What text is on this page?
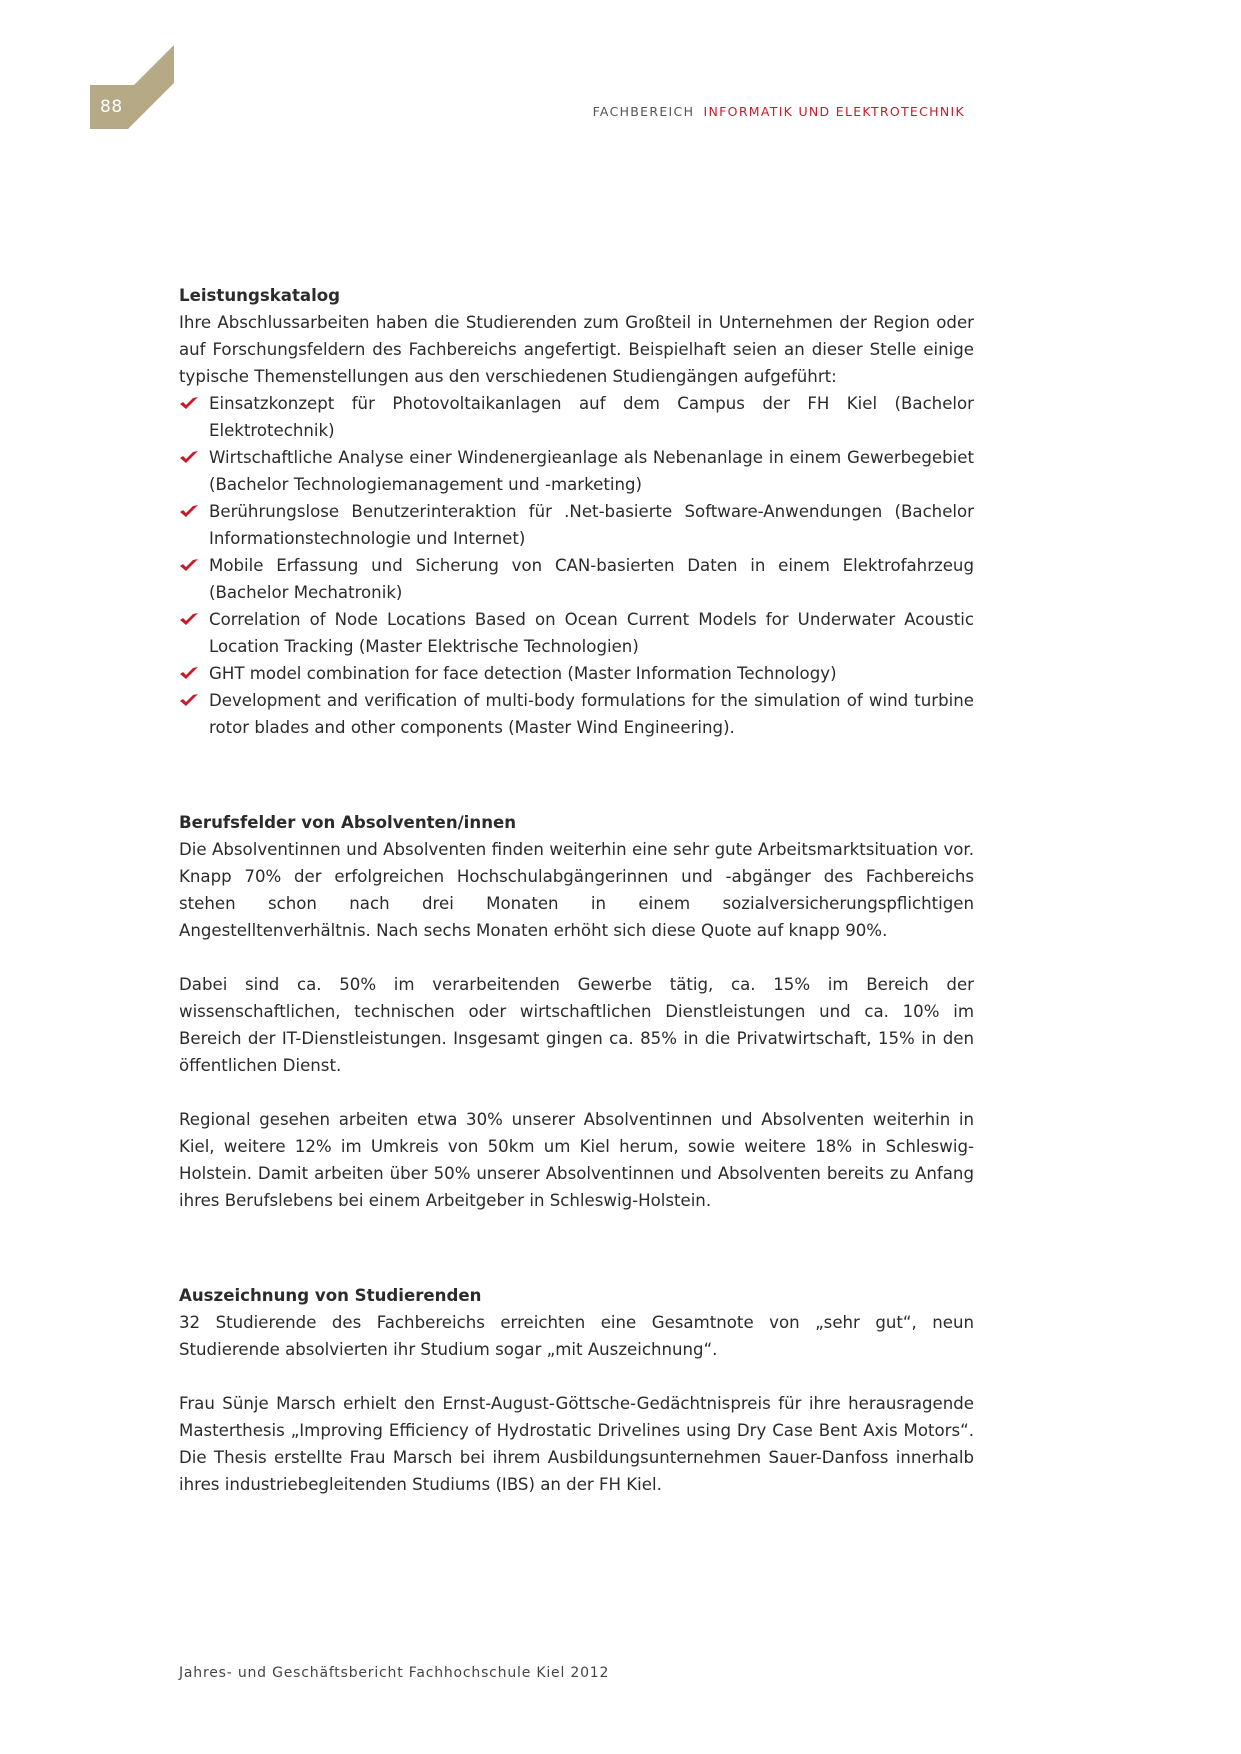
88	FACHBEREICH INFORMATIK UND ELEKTROTECHNIK
Leistungskatalog

Ihre Abschlussarbeiten haben die Studierenden zum Großteil in Unternehmen der Region oder auf Forschungsfeldern des Fachbereichs angefertigt. Beispielhaft seien an dieser Stelle einige typische Themenstellungen aus den verschiedenen Studiengängen aufgeführt:

Einsatzkonzept für Photovoltaikanlagen auf dem Campus der FH Kiel (Bachelor Elektrotechnik)
Wirtschaftliche Analyse einer Windenergieanlage als Nebenanlage in einem Gewerbegebiet (Bachelor Technologiemanagement und -marketing)
Berührungslose Benutzerinteraktion für .Net-basierte Software-Anwendungen (Bachelor Informationstechnologie und Internet)
Mobile Erfassung und Sicherung von CAN-basierten Daten in einem Elektrofahrzeug (Bachelor Mechatronik)
Correlation of Node Locations Based on Ocean Current Models for Underwater Acoustic Location Tracking (Master Elektrische Technologien)
GHT model combination for face detection (Master Information Technology)
Development and verification of multi-body formulations for the simulation of wind turbine rotor blades and other components (Master Wind Engineering).
Berufsfelder von Absolventen/innen

Die Absolventinnen und Absolventen finden weiterhin eine sehr gute Arbeitsmarktsituation vor. Knapp 70% der erfolgreichen Hochschulabgängerinnen und -abgänger des Fachbereichs stehen schon nach drei Monaten in einem sozialversicherungspflichtigen Angestelltenverhältnis. Nach sechs Monaten erhöht sich diese Quote auf knapp 90%.

Dabei sind ca. 50% im verarbeitenden Gewerbe tätig, ca. 15% im Bereich der wissenschaftlichen, technischen oder wirtschaftlichen Dienstleistungen und ca. 10% im Bereich der IT-Dienstleistungen. Insgesamt gingen ca. 85% in die Privatwirtschaft, 15% in den öffentlichen Dienst.

Regional gesehen arbeiten etwa 30% unserer Absolventinnen und Absolventen weiterhin in Kiel, weitere 12% im Umkreis von 50km um Kiel herum, sowie weitere 18% in Schleswig-Holstein. Damit arbeiten über 50% unserer Absolventinnen und Absolventen bereits zu Anfang ihres Berufslebens bei einem Arbeitgeber in Schleswig-Holstein.

Auszeichnung von Studierenden

32 Studierende des Fachbereichs erreichten eine Gesamtnote von „sehr gut“, neun Studierende absolvierten ihr Studium sogar „mit Auszeichnung“.

Frau Sünje Marsch erhielt den Ernst-August-Göttsche-Gedächtnispreis für ihre herausragende Masterthesis „Improving Efficiency of Hydrostatic Drivelines using Dry Case Bent Axis Motors“. Die Thesis erstellte Frau Marsch bei ihrem Ausbildungsunternehmen Sauer-Danfoss innerhalb ihres industriebegleitenden Studiums (IBS) an der FH Kiel.

Jahres- und Geschäftsbericht Fachhochschule Kiel 2012
